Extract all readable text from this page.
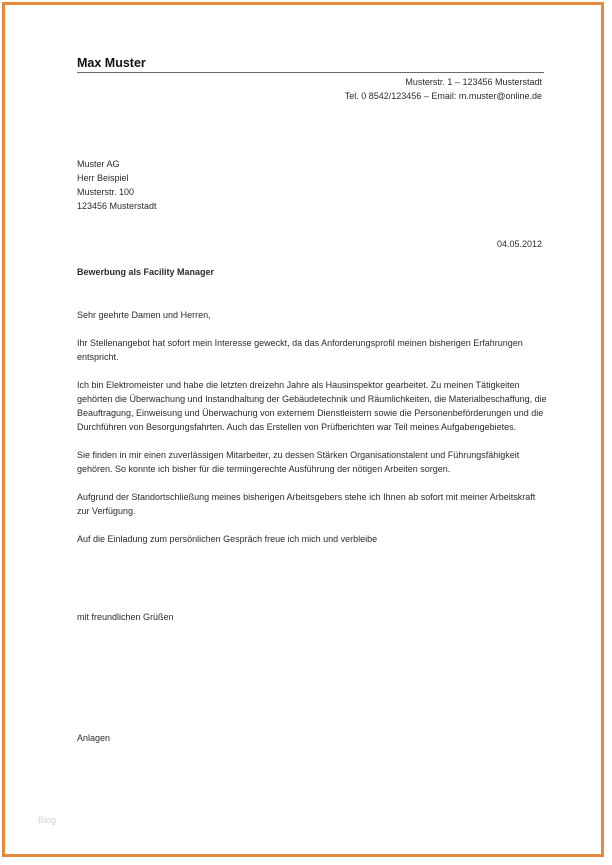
Max Muster
Musterstr. 1 – 123456 Musterstadt
Tel. 0 8542/123456 – Email: m.muster@online.de
Muster AG
Herr Beispiel
Musterstr. 100
123456 Musterstadt
04.05.2012
Bewerbung als Facility Manager

Sehr geehrte Damen und Herren,

Ihr Stellenangebot hat sofort mein Interesse geweckt, da das Anforderungsprofil meinen bisherigen Erfahrungen entspricht.

Ich bin Elektromeister und habe die letzten dreizehn Jahre als Hausinspektor gearbeitet. Zu meinen Tätigkeiten gehörten die Überwachung und Instandhaltung der Gebäudetechnik und Räumlichkeiten, die Materialbeschaffung, die Beauftragung, Einweisung und Überwachung von externem Dienstleistern sowie die Personenbeförderungen und die Durchführen von Besorgungsfahrten. Auch das Erstellen von Prüfberichten war Teil meines Aufgabengebietes.

Sie finden in mir einen zuverlässigen Mitarbeiter, zu dessen Stärken Organisationstalent und Führungsfähigkeit gehören. So konnte ich bisher für die termingerechte Ausführung der nötigen Arbeiten sorgen.

Aufgrund der Standortschließung meines bisherigen Arbeitsgebers stehe ich Ihnen ab sofort mit meiner Arbeitskraft zur Verfügung.

Auf die Einladung zum persönlichen Gespräch freue ich mich und verbleibe

mit freundlichen Grüßen
Anlagen
Blog
